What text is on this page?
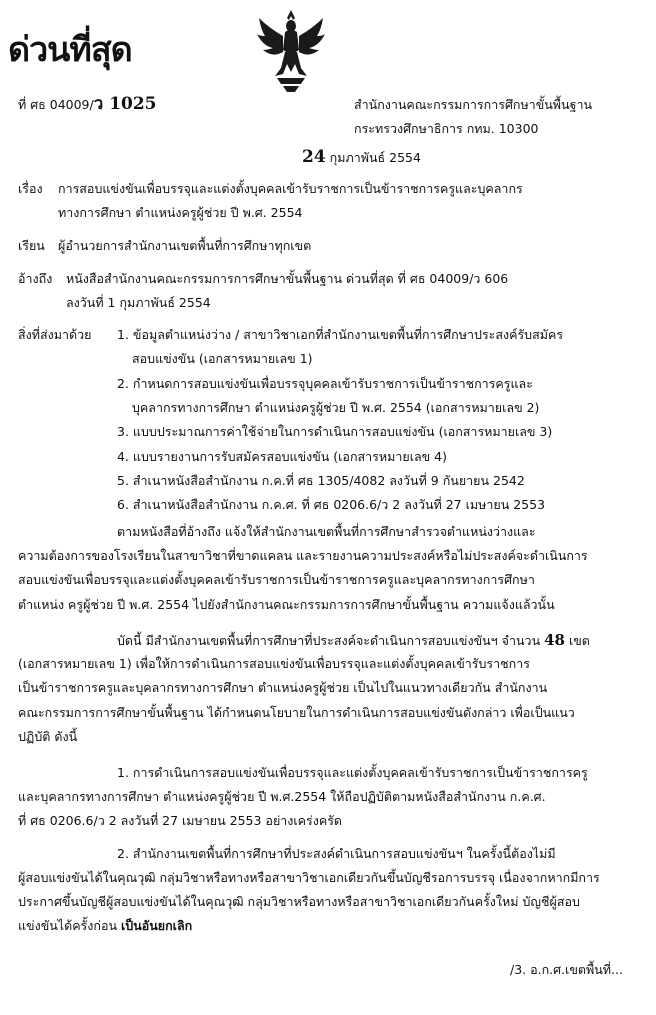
ด่วนที่สุด
ที่ ศธ 04009/ว 1025	สำนักงานคณะกรรมการการศึกษาขั้นพื้นฐาน
กระทรวงศึกษาธิการ กทม. 10300
24 กุมภาพันธ์ 2554
เรื่อง การสอบแข่งขันเพื่อบรรจุและแต่งตั้งบุคคลเข้ารับราชการเป็นข้าราชการครูและบุคลากร
ทางการศึกษา ตำแหน่งครูผู้ช่วย ปี พ.ศ. 2554
เรียน ผู้อำนวยการสำนักงานเขตพื้นที่การศึกษาทุกเขต
อ้างถึง หนังสือสำนักงานคณะกรรมการการศึกษาขั้นพื้นฐาน ด่วนที่สุด ที่ ศธ 04009/ว 606
ลงวันที่ 1 กุมภาพันธ์ 2554
สิ่งที่ส่งมาด้วย 1. ข้อมูลตำแหน่งว่าง / สาขาวิชาเอกที่สำนักงานเขตพื้นที่การศึกษาประสงค์รับสมัคร
สอบแข่งขัน (เอกสารหมายเลข 1)
2. กำหนดการสอบแข่งขันเพื่อบรรจุบุคคลเข้ารับราชการเป็นข้าราชการครูและ
บุคลากรทางการศึกษา ตำแหน่งครูผู้ช่วย ปี พ.ศ. 2554 (เอกสารหมายเลข 2)
3. แบบประมาณการค่าใช้จ่ายในการดำเนินการสอบแข่งขัน (เอกสารหมายเลข 3)
4. แบบรายงานการรับสมัครสอบแข่งขัน (เอกสารหมายเลข 4)
5. สำเนาหนังสือสำนักงาน ก.ค.ที่ ศธ 1305/4082 ลงวันที่ 9 กันยายน 2542
6. สำเนาหนังสือสำนักงาน ก.ค.ศ. ที่ ศธ 0206.6/ว 2 ลงวันที่ 27 เมษายน 2553
ตามหนังสือที่อ้างถึง แจ้งให้สำนักงานเขตพื้นที่การศึกษาสำรวจตำแหน่งว่างและ
ความต้องการของโรงเรียนในสาขาวิชาที่ขาดแคลน และรายงานความประสงค์หรือไม่ประสงค์จะดำเนินการ
สอบแข่งขันเพื่อบรรจุและแต่งตั้งบุคคลเข้ารับราชการเป็นข้าราชการครูและบุคลากรทางการศึกษา
ตำแหน่ง ครูผู้ช่วย ปี พ.ศ. 2554 ไปยังสำนักงานคณะกรรมการการศึกษาขั้นพื้นฐาน ความแจ้งแล้วนั้น
บัดนี้ มีสำนักงานเขตพื้นที่การศึกษาที่ประสงค์จะดำเนินการสอบแข่งขันฯ จำนวน 48 เขต
(เอกสารหมายเลข 1) เพื่อให้การดำเนินการสอบแข่งขันเพื่อบรรจุและแต่งตั้งบุคคลเข้ารับราชการ
เป็นข้าราชการครูและบุคลากรทางการศึกษา ตำแหน่งครูผู้ช่วย เป็นไปในแนวทางเดียวกัน สำนักงาน
คณะกรรมการการศึกษาขั้นพื้นฐาน ได้กำหนดนโยบายในการดำเนินการสอบแข่งขันดังกล่าว เพื่อเป็นแนว
ปฏิบัติ ดังนี้
1. การดำเนินการสอบแข่งขันเพื่อบรรจุและแต่งตั้งบุคคลเข้ารับราชการเป็นข้าราชการครู
และบุคลากรทางการศึกษา ตำแหน่งครูผู้ช่วย ปี พ.ศ.2554 ให้ถือปฏิบัติตามหนังสือสำนักงาน ก.ค.ศ.
ที่ ศธ 0206.6/ว 2 ลงวันที่ 27 เมษายน 2553 อย่างเคร่งครัด
2. สำนักงานเขตพื้นที่การศึกษาที่ประสงค์ดำเนินการสอบแข่งขันฯ ในครั้งนี้ต้องไม่มี
ผู้สอบแข่งขันได้ในคุณวุฒิ กลุ่มวิชาหรือทางหรือสาขาวิชาเอกเดียวกันขึ้นบัญชีรอการบรรจุ เนื่องจากหากมีการ
ประกาศขึ้นบัญชีผู้สอบแข่งขันได้ในคุณวุฒิ กลุ่มวิชาหรือทางหรือสาขาวิชาเอกเดียวกันครั้งใหม่ บัญชีผู้สอบ
แข่งขันได้ครั้งก่อน เป็นอันยกเลิก
/3. อ.ก.ศ.เขตพื้นที่...
